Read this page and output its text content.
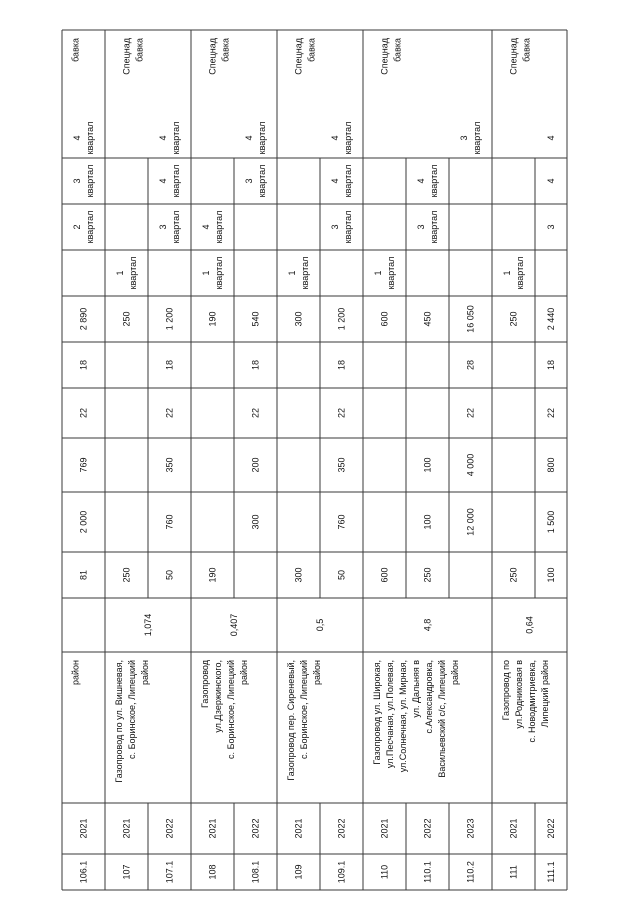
106.1
2021
район
81
2 000
769
22
18
2 890
2 квартал
3 квартал
4 квартал
бавка
107
2021
250
250
1 квартал
107.1
2022
50
760
350
22
18
1 200
3 квартал
4 квартал
4 квартал
108
2021
190
190
1 квартал
4 квартал
108.1
2022
300
200
22
18
540
3 квартал
4 квартал
109
2021
300
300
1 квартал
109.1
2022
50
760
350
22
18
1 200
3 квартал
4 квартал
4 квартал
110
2021
600
600
1 квартал
110.1
2022
250
100
100
450
3 квартал
4 квартал
110.2
2023
12 000
4 000
22
28
16 050
3 квартал
111
2021
250
250
1 квартал
111.1
2022
100
1 500
800
22
18
2 440
3
4
4
Газопровод по ул. Вишневая, с. Боринское, Липецкий район
1,074
Спецнад бавка
Газопровод ул.Дзержинского, с. Боринское, Липецкий район
0,407
Спецнад бавка
Газопровод пер. Сиреневый, с. Боринское, Липецкий район
0,5
Спецнад бавка
Газопровод ул. Широкая, ул.Песчаная, ул.Полевая, ул.Солнечная, ул. Мирная, ул. Дальняя в с.Александровка, Васильевский с/с, Липецкий район
4,8
Спецнад бавка
Газопровод по ул.Родниковая в с. Новодмитриевка, Липецкий район
0,64
Спецнад бавка
